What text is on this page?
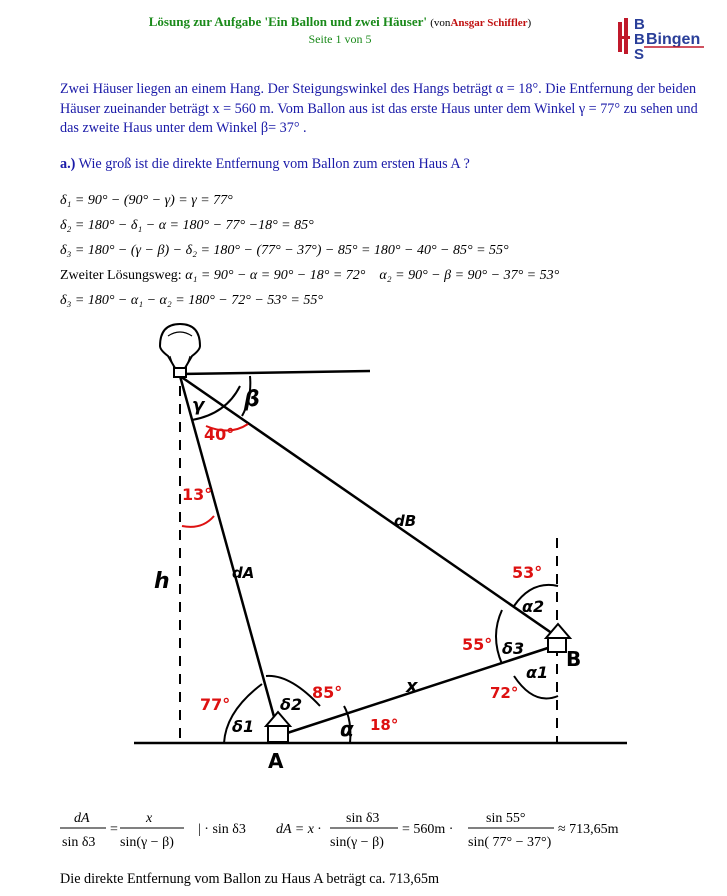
Lösung zur Aufgabe 'Ein Ballon und zwei Häuser' (vonAnsgar Schiffler)
Seite 1 von 5
B
B
S
Bingen
Zwei Häuser liegen an einem Hang. Der Steigungswinkel des Hangs beträgt α = 18°. Die Entfernung der beiden Häuser zueinander beträgt x = 560 m. Vom Ballon aus ist das erste Haus unter dem Winkel γ = 77° zu sehen und das zweite Haus unter dem Winkel β= 37° .
a.) Wie groß ist die direkte Entfernung vom Ballon zum ersten Haus A ?
δ₁ = 90° − (90° − γ) = γ = 77°
δ₂ = 180° − δ₁ − α = 180° − 77° −18° = 85°
δ₃ = 180° − (γ − β) − δ₂ = 180° − (77° − 37°) − 85° = 180° − 40° − 85° = 55°
Zweiter Lösungsweg: α₁ = 90° − α = 90° − 18° = 72° α₂ = 90° − β = 90° − 37° = 53°
δ₃ = 180° − α₁ − α₂ = 180° − 72° − 53° = 55°
β
γ
40°
13°
h	dA
dB
53°
α2
55° δ3 B
α1
72°
77°	δ2
85°	x
δ1	α 18°
A
dA
sin δ3
=
x
sin(γ − β)
| · sin δ3 dA = x ·
sin δ3
sin(γ − β)
= 560m ·
sin 55°
sin( 77° − 37°)
≈ 713,65m
Die direkte Entfernung vom Ballon zu Haus A beträgt ca. 713,65m
